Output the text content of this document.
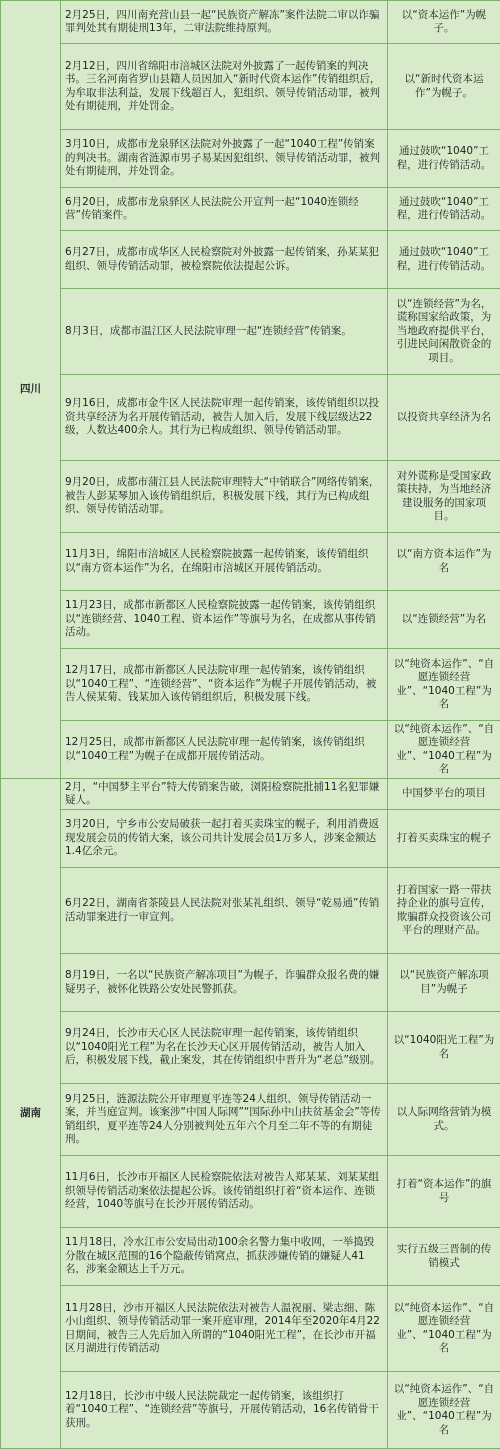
四川	2月25日，四川南充营山县一起“民族资产解冻”案件法院二审以诈骗罪判处其有期徒刑13年，二审法院维持原判。	以“资本运作”为幌子。
	2月12日，四川省绵阳市涪城区法院对外披露了一起传销案的判决书。三名河南省罗山县籍人员因加入“新时代资本运作”传销组织后，为牟取非法利益，发展下线超百人，犯组织、领导传销活动罪，被判处有期徒刑，并处罚金。	以“新时代资本运作”为幌子。
	3月10日，成都市龙泉驿区法院对外披露了一起“1040工程”传销案的判决书。湖南省涟源市男子易某因犯组织、领导传销活动罪，被判处有期徒刑，并处罚金。	通过鼓吹“1040”工程，进行传销活动。
	6月20日，成都市龙泉驿区人民法院公开宣判一起“1040连锁经营”传销案件。	通过鼓吹“1040”工程，进行传销活动。
	6月27日，成都市成华区人民检察院对外披露一起传销案，孙某某犯组织、领导传销活动罪，被检察院依法提起公诉。	通过鼓吹“1040”工程，进行传销活动。
	8月3日，成都市温江区人民法院审理一起“连锁经营”传销案。	以“连锁经营”为名，谎称国家给政策，为当地政府提供平台，引进民间闲散资金的项目。
	9月16日，成都市金牛区人民法院审理一起传销案，该传销组织以投资共享经济为名开展传销活动，被告人加入后，发展下线层级达22级，人数达400余人。其行为已构成组织、领导传销活动罪。	以投资共享经济为名
	9月20日，成都市蒲江县人民法院审理特大“中销联合”网络传销案，被告人彭某琴加入该传销组织后，积极发展下线，其行为已构成组织、领导传销活动罪。	对外谎称是受国家政策扶持，为当地经济建设服务的国家项目。
	11月3日，绵阳市涪城区人民检察院披露一起传销案，该传销组织以“南方资本运作”为名，在绵阳市涪城区开展传销活动。	以“南方资本运作”为名
	11月23日，成都市新都区人民检察院披露一起传销案，该传销组织以“连锁经营、1040工程、资本运作”等旗号为名，在成都从事传销活动。	以“连锁经营”为名
	12月17日，成都市新都区人民法院审理一起传销案，该传销组织以“1040工程”、“连锁经营”、“资本运作”为幌子开展传销活动，被告人侯某菊、钱某加入该传销组织后，积极发展下线。	以“纯资本运作”、“自愿连锁经营业”、“1040工程”为名
	12月25日，成都市新都区人民法院审理一起传销案，该传销组织以“1040工程”为幌子在成都开展传销活动。	以“纯资本运作”、“自愿连锁经营业”、“1040工程”为名
湖南	2月，“中国梦主平台”特大传销案告破，浏阳检察院批捕11名犯罪嫌疑人。	中国梦平台的项目
	3月20日，宁乡市公安局破获一起打着买卖珠宝的幌子，利用消费返现发展会员的传销大案，该公司共计发展会员1万多人，涉案金额达1.4亿余元。	打着买卖珠宝的幌子
	6月22日，湖南省茶陵县人民法院对张某礼组织、领导“乾易通”传销活动罪案进行一审宣判。	打着国家一路一带扶持企业的旗号宣传，欺骗群众投资该公司平台的理财产品。
	8月19日，一名以“民族资产解冻项目”为幌子，诈骗群众报名费的嫌疑男子，被怀化铁路公安处民警抓获。	以“民族资产解冻项目”为幌子
	9月24日，长沙市天心区人民法院审理一起传销案，该传销组织以“1040阳光工程”为名在长沙天心区开展传销活动，被告人加入后，积极发展下线，截止案发，其在传销组织中晋升为“老总”级别。	以“1040阳光工程”为名
	9月25日，涟源法院公开审理夏平连等24人组织、领导传销活动一案，并当庭宣判。该案涉“中国人际网”“国际孙中山扶贫基金会”等传销组织，夏平连等24人分别被判处五年六个月至二年不等的有期徒刑。	以人际网络营销为模式。
	11月6日，长沙市开福区人民检察院依法对被告人郑某某、刘某某组织领导传销活动案依法提起公诉。该传销组织打着“资本运作、连锁经营，1040等旗号在长沙开展传销活动。	打着“资本运作”的旗号
	11月18日，冷水江市公安局出动100余名警力集中收网，一举捣毁分散在城区范围的16个隐蔽传销窝点，抓获涉嫌传销的嫌疑人41名，涉案金额达上千万元。	实行五级三晋制的传销模式
	11月28日，沙市开福区人民法院依法对被告人温祝丽、梁志细、陈小山组织、领导传销活动罪一案开庭审理，2014年至2020年4月22日期间，被告三人先后加入所谓的“1040阳光工程”，在长沙市开福区月湖进行传销活动	以“纯资本运作”、“自愿连锁经营业”、“1040工程”为名
	12月18日，长沙市中级人民法院裁定一起传销案，该组织打着“1040工程”、“连锁经营”等旗号，开展传销活动，16名传销骨干获刑。	以“纯资本运作”、“自愿连锁经营业”、“1040工程”为名
